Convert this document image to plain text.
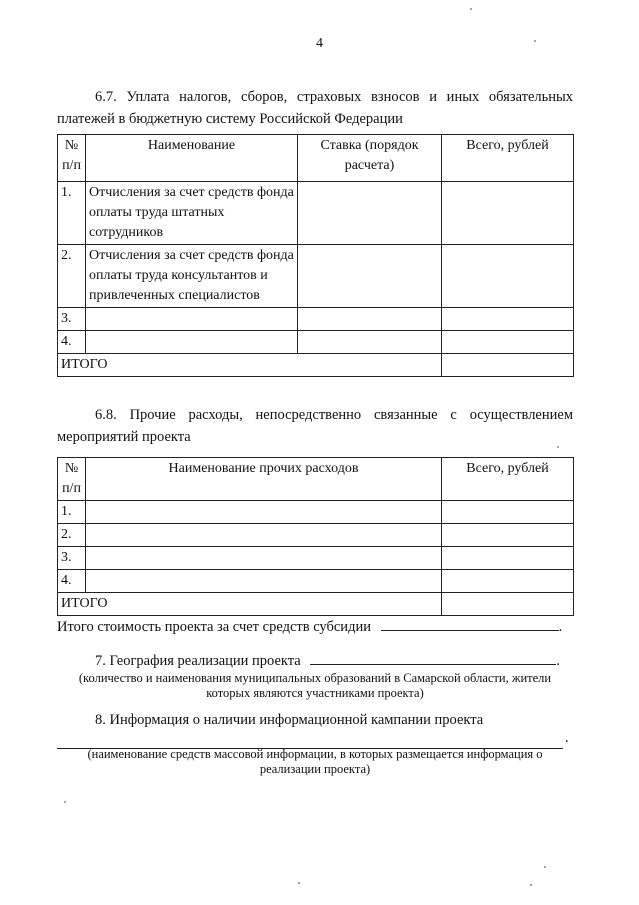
4
6.7. Уплата налогов, сборов, страховых взносов и иных обязательных платежей в бюджетную систему Российской Федерации
№ п/п	Наименование	Ставка (порядок расчета)	Всего, рублей
1.	Отчисления за счет средств фонда оплаты труда штатных сотрудников		
2.	Отчисления за счет средств фонда оплаты труда консультантов и привлеченных специалистов		
3.			
4.			
ИТОГО			
6.8. Прочие расходы, непосредственно связанные с осуществлением мероприятий проекта
№ п/п	Наименование прочих расходов	Всего, рублей
1.		
2.		
3.		
4.		
ИТОГО		
Итого стоимость проекта за счет средств субсидии	.
7. География реализации проекта	.
(количество и наименования муниципальных образований в Самарской области, жители которых являются участниками проекта)
8. Информация о наличии информационной кампании проекта
.
(наименование средств массовой информации, в которых размещается информация о реализации проекта)
